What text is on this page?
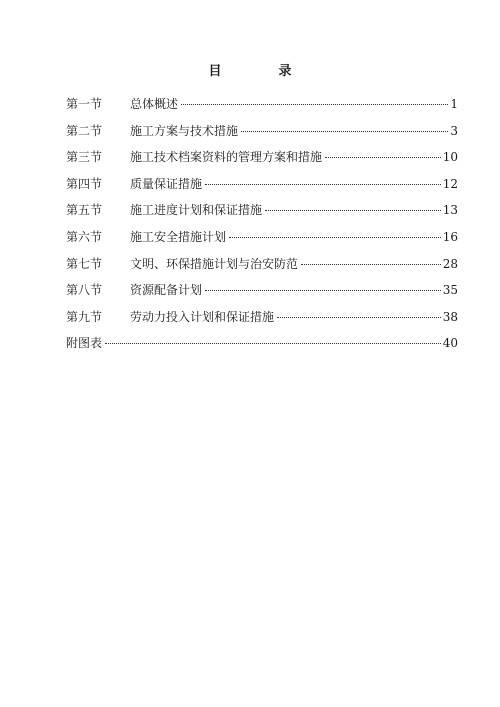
目　录
第一节	总体概述	1
第二节	施工方案与技术措施	3
第三节	施工技术档案资料的管理方案和措施	10
第四节	质量保证措施	12
第五节	施工进度计划和保证措施	13
第六节	施工安全措施计划	16
第七节	文明、环保措施计划与治安防范	28
第八节	资源配备计划	35
第九节	劳动力投入计划和保证措施	38
附图表	40
